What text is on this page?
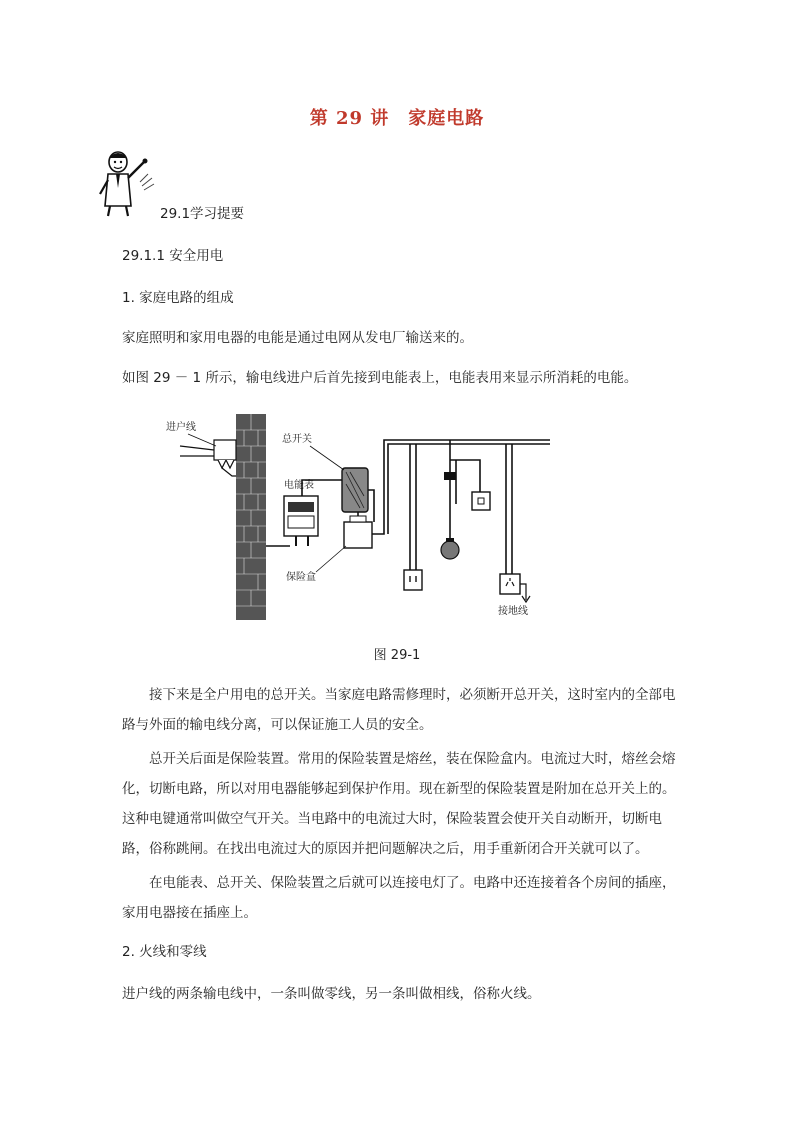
第 29 讲　家庭电路
29.1学习提要
29.1.1 安全用电
1. 家庭电路的组成
家庭照明和家用电器的电能是通过电网从发电厂输送来的。
如图 29 － 1 所示，输电线进户后首先接到电能表上，电能表用来显示所消耗的电能。
进户线
电能表
总开关
保险盒
接地线
图 29-1
接下来是全户用电的总开关。当家庭电路需修理时，必须断开总开关，这时室内的全部电路与外面的输电线分离，可以保证施工人员的安全。
总开关后面是保险装置。常用的保险装置是熔丝，装在保险盒内。电流过大时，熔丝会熔化，切断电路，所以对用电器能够起到保护作用。现在新型的保险装置是附加在总开关上的。 这种电键通常叫做空气开关。当电路中的电流过大时，保险装置会使开关自动断开，切断电路，俗称跳闸。在找出电流过大的原因并把问题解决之后，用手重新闭合开关就可以了。
在电能表、总开关、保险装置之后就可以连接电灯了。电路中还连接着各个房间的插座，家用电器接在插座上。
2. 火线和零线
进户线的两条输电线中，一条叫做零线，另一条叫做相线，俗称火线。
